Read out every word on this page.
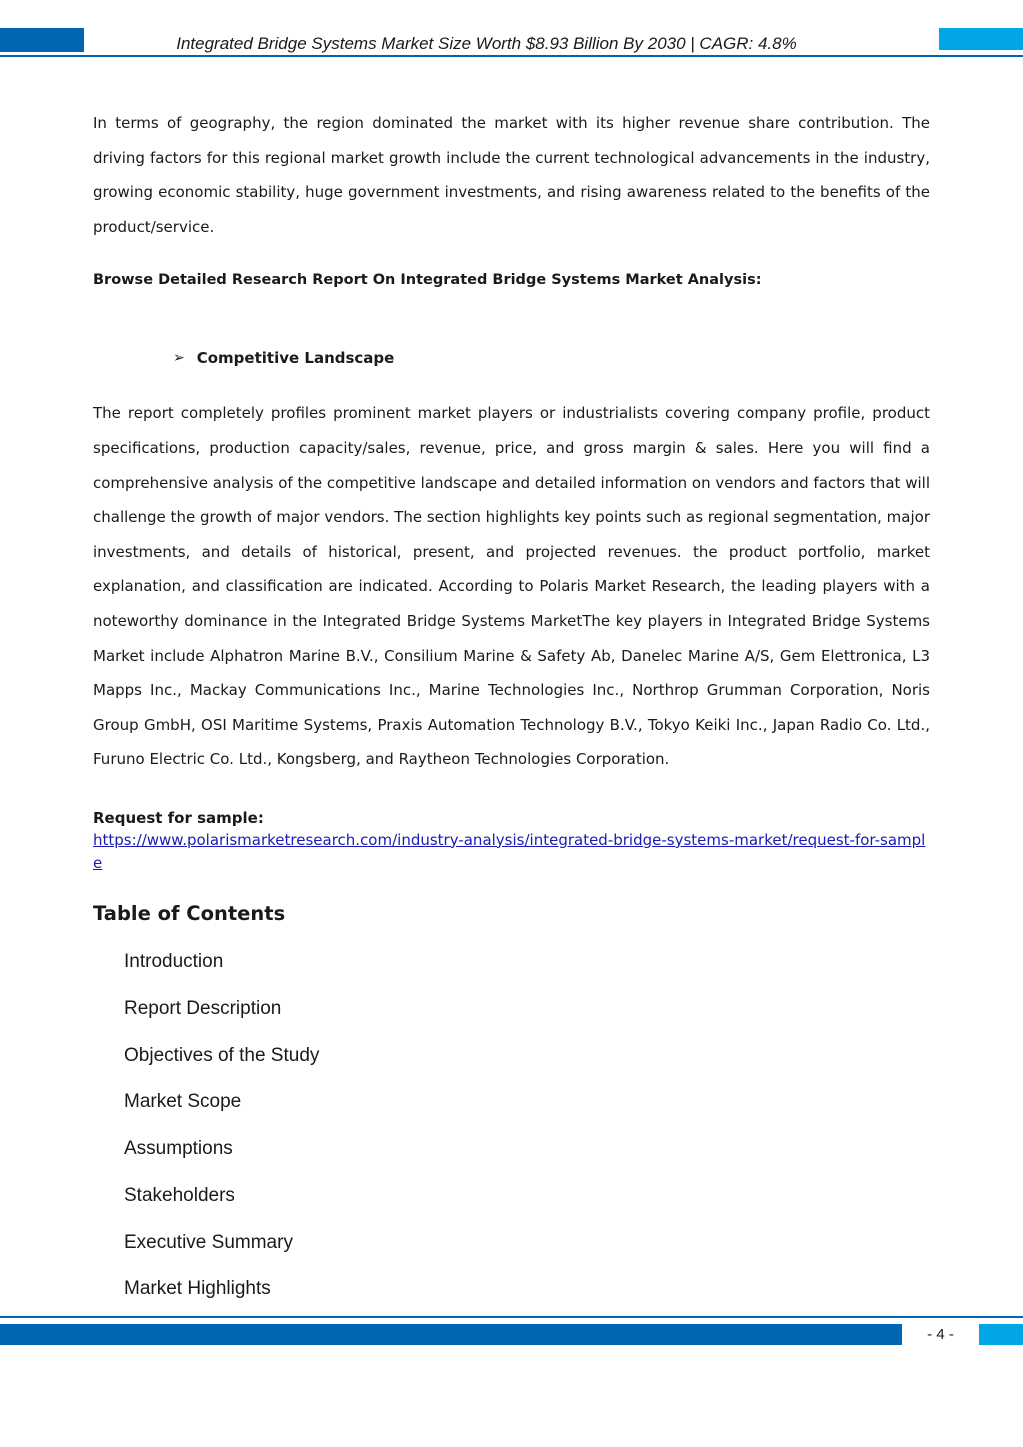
Integrated Bridge Systems Market Size Worth $8.93 Billion By 2030 | CAGR: 4.8%

In terms of geography, the region dominated the market with its higher revenue share contribution. The driving factors for this regional market growth include the current technological advancements in the industry, growing economic stability, huge government investments, and rising awareness related to the benefits of the product/service.

Browse Detailed Research Report On Integrated Bridge Systems Market Analysis:

➢ Competitive Landscape

The report completely profiles prominent market players or industrialists covering company profile, product specifications, production capacity/sales, revenue, price, and gross margin & sales. Here you will find a comprehensive analysis of the competitive landscape and detailed information on vendors and factors that will challenge the growth of major vendors. The section highlights key points such as regional segmentation, major investments, and details of historical, present, and projected revenues. the product portfolio, market explanation, and classification are indicated. According to Polaris Market Research, the leading players with a noteworthy dominance in the Integrated Bridge Systems MarketThe key players in Integrated Bridge Systems Market include Alphatron Marine B.V., Consilium Marine & Safety Ab, Danelec Marine A/S, Gem Elettronica, L3 Mapps Inc., Mackay Communications Inc., Marine Technologies Inc., Northrop Grumman Corporation, Noris Group GmbH, OSI Maritime Systems, Praxis Automation Technology B.V., Tokyo Keiki Inc., Japan Radio Co. Ltd., Furuno Electric Co. Ltd., Kongsberg, and Raytheon Technologies Corporation.

Request for sample:

https://www.polarismarketresearch.com/industry-analysis/integrated-bridge-systems-market/request-for-sample

Table of Contents

Introduction
Report Description
Objectives of the Study
Market Scope
Assumptions
Stakeholders
Executive Summary
Market Highlights
- 4 -
